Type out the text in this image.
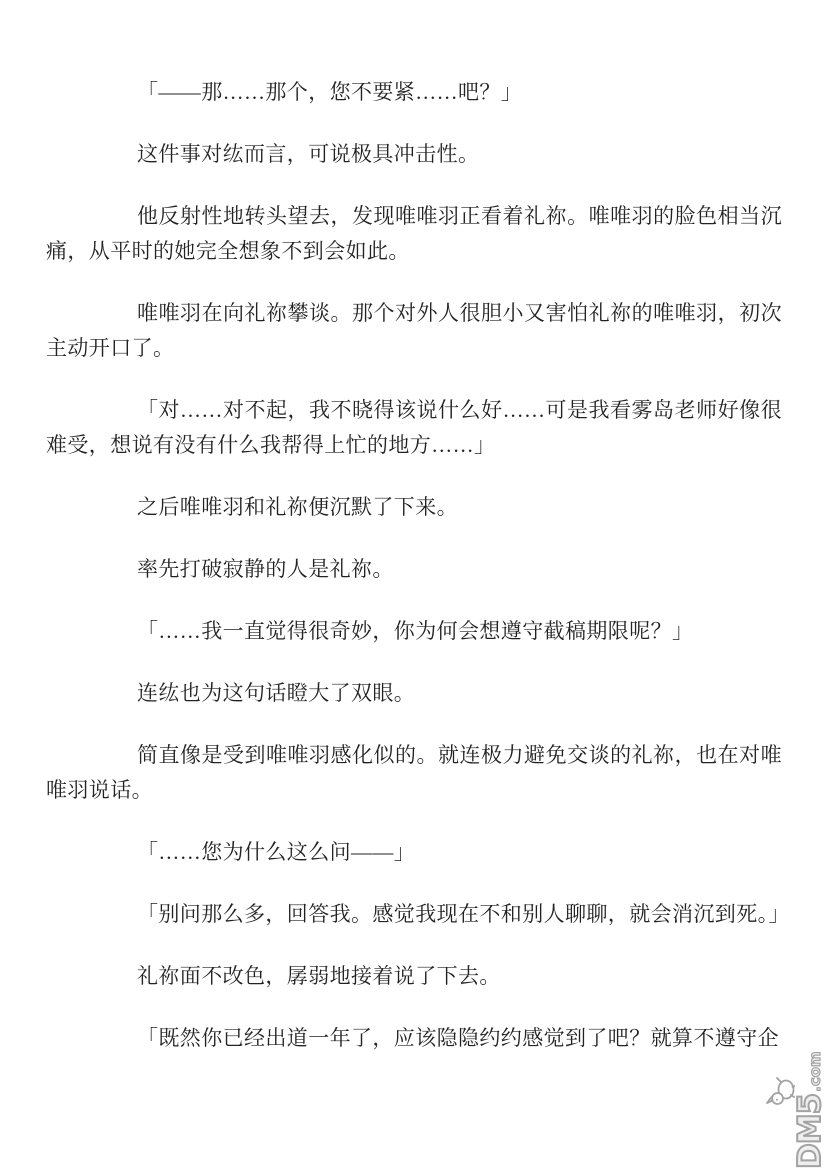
「——那……那个，您不要紧……吧？」

这件事对纮而言，可说极具冲击性。

他反射性地转头望去，发现唯唯羽正看着礼祢。唯唯羽的脸色相当沉痛，从平时的她完全想象不到会如此。

唯唯羽在向礼祢攀谈。那个对外人很胆小又害怕礼祢的唯唯羽，初次主动开口了。

「对……对不起，我不晓得该说什么好……可是我看雾岛老师好像很难受，想说有没有什么我帮得上忙的地方……」

之后唯唯羽和礼祢便沉默了下来。

率先打破寂静的人是礼祢。

「……我一直觉得很奇妙，你为何会想遵守截稿期限呢？」

连纮也为这句话瞪大了双眼。

简直像是受到唯唯羽感化似的。就连极力避免交谈的礼祢，也在对唯唯羽说话。

「……您为什么这么问——」

「别问那么多，回答我。感觉我现在不和别人聊聊，就会消沉到死。」

礼祢面不改色，孱弱地接着说了下去。

「既然你已经出道一年了，应该隐隐约约感觉到了吧？就算不遵守企

DM5
.com
